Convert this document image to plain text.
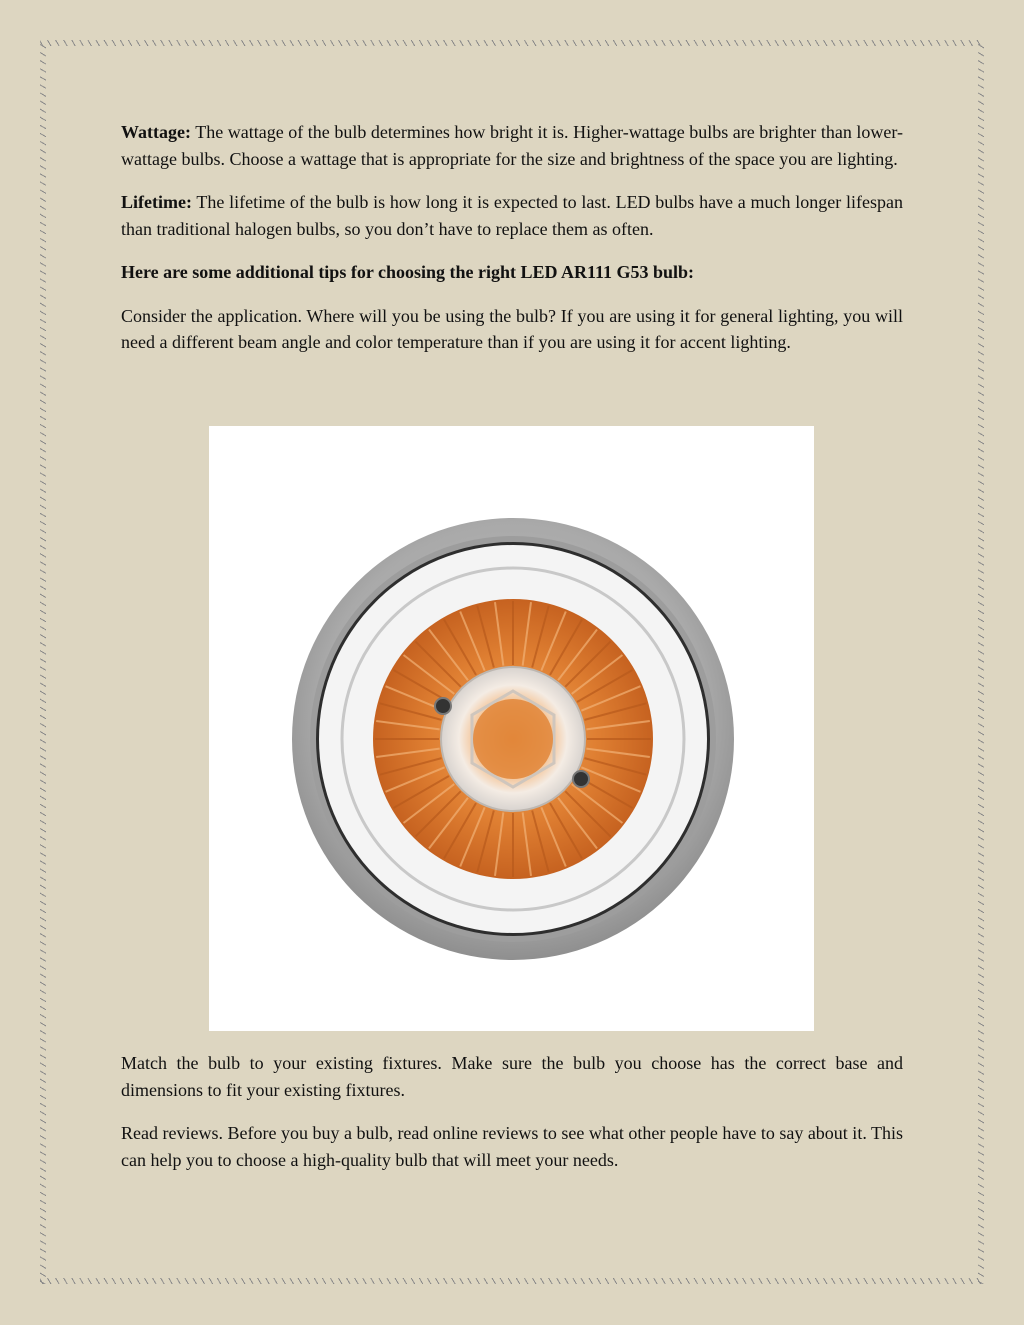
Wattage: The wattage of the bulb determines how bright it is. Higher-wattage bulbs are brighter than lower-wattage bulbs. Choose a wattage that is appropriate for the size and brightness of the space you are lighting.

Lifetime: The lifetime of the bulb is how long it is expected to last. LED bulbs have a much longer lifespan than traditional halogen bulbs, so you don’t have to replace them as often.

Here are some additional tips for choosing the right LED AR111 G53 bulb:

Consider the application. Where will you be using the bulb? If you are using it for general lighting, you will need a different beam angle and color temperature than if you are using it for accent lighting.

Match the bulb to your existing fixtures. Make sure the bulb you choose has the correct base and dimensions to fit your existing fixtures.

Read reviews. Before you buy a bulb, read online reviews to see what other people have to say about it. This can help you to choose a high-quality bulb that will meet your needs.
